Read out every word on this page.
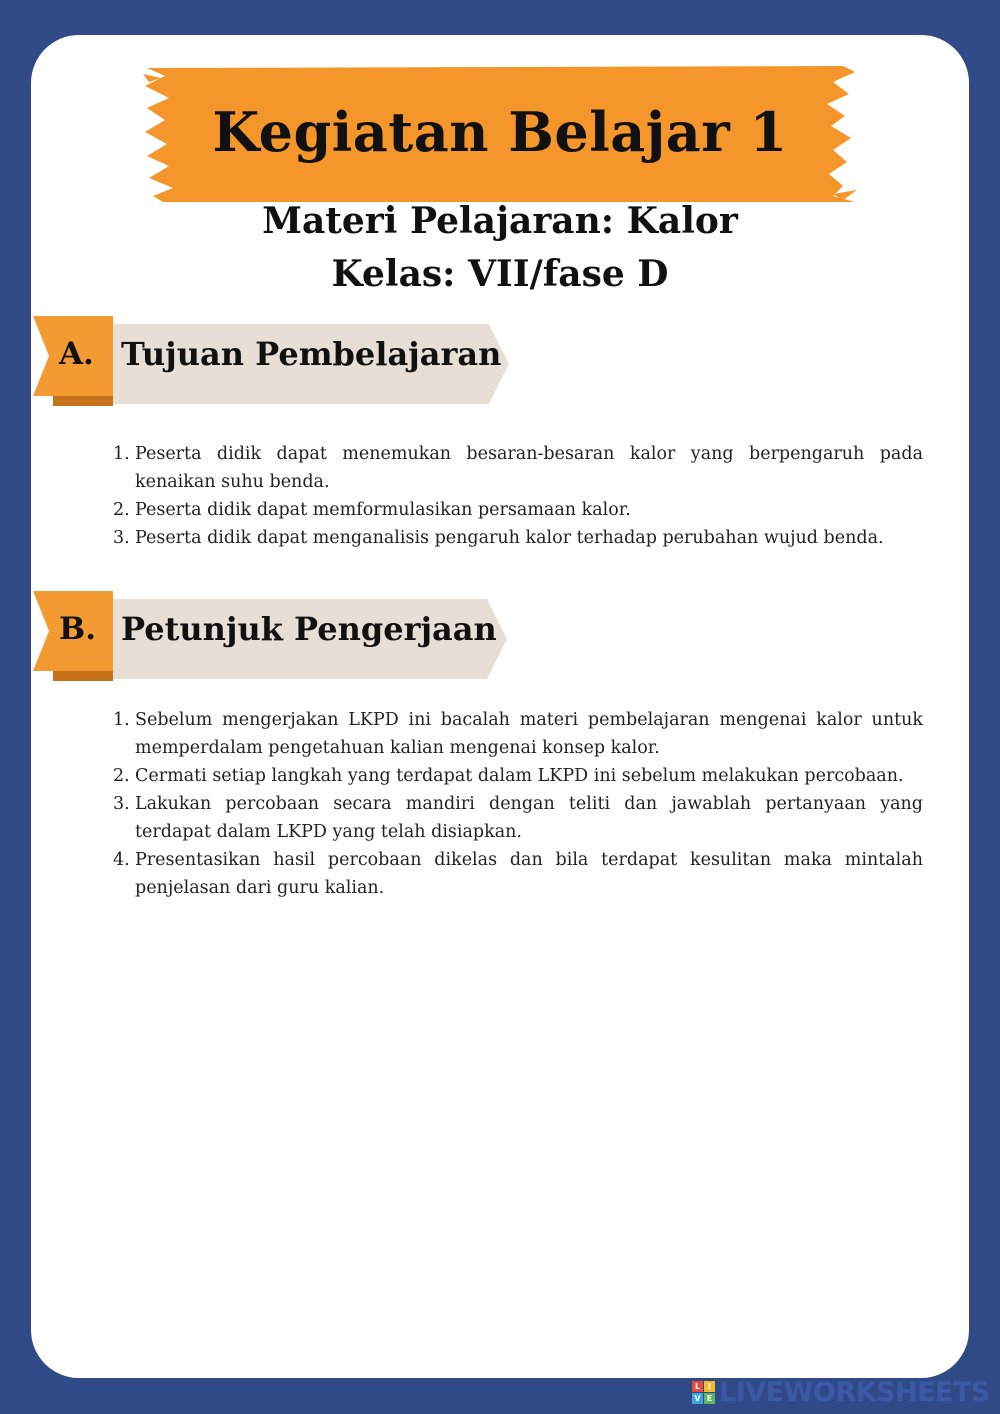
Kegiatan Belajar 1
Materi Pelajaran: Kalor
Kelas: VII/fase D
A. Tujuan Pembelajaran
1. Peserta didik dapat menemukan besaran-besaran kalor yang berpengaruh pada kenaikan suhu benda.
2. Peserta didik dapat memformulasikan persamaan kalor.
3. Peserta didik dapat menganalisis pengaruh kalor terhadap perubahan wujud benda.
B. Petunjuk Pengerjaan
1. Sebelum mengerjakan LKPD ini bacalah materi pembelajaran mengenai kalor untuk memperdalam pengetahuan kalian mengenai konsep kalor.
2. Cermati setiap langkah yang terdapat dalam LKPD ini sebelum melakukan percobaan.
3. Lakukan percobaan secara mandiri dengan teliti dan jawablah pertanyaan yang terdapat dalam LKPD yang telah disiapkan.
4. Presentasikan hasil percobaan dikelas dan bila terdapat kesulitan maka mintalah penjelasan dari guru kalian.
L I
V E LIVEWORKSHEETS
